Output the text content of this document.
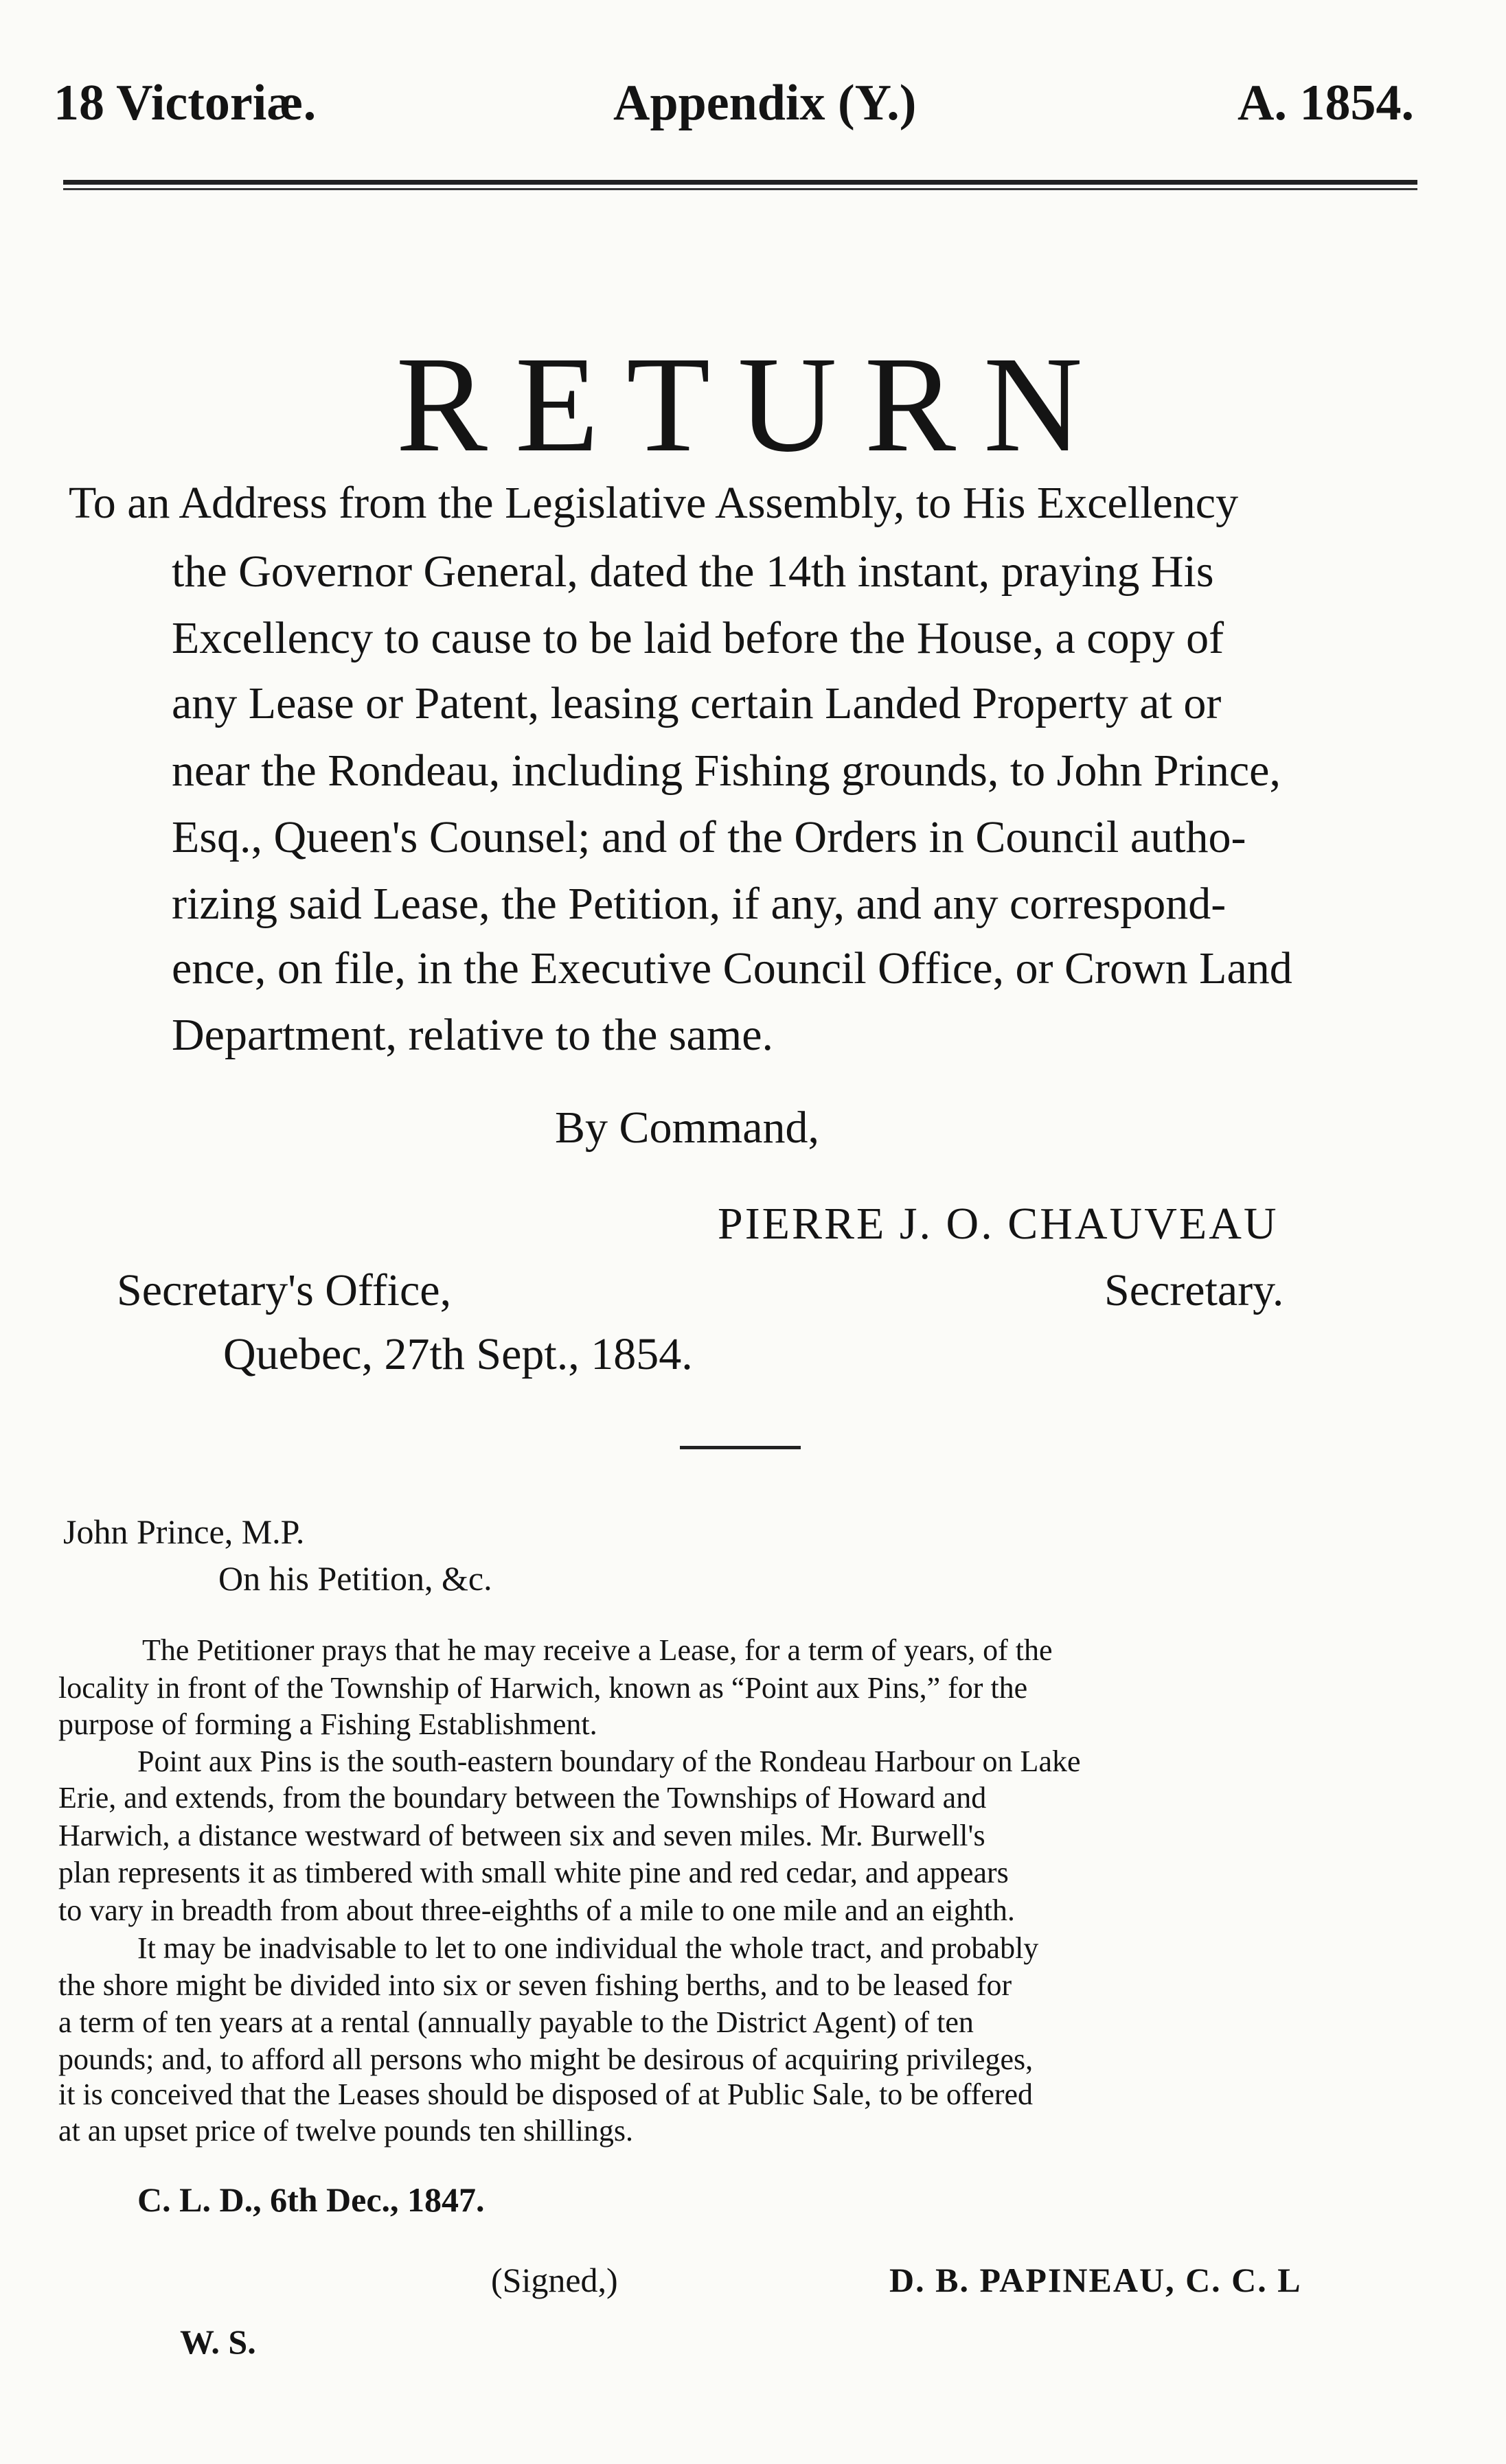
18 Victoriæ.	Appendix (Y.)	A. 1854.
RETURN
To an Address from the Legislative Assembly, to His Excellency
the Governor General, dated the 14th instant, praying His
Excellency to cause to be laid before the House, a copy of
any Lease or Patent, leasing certain Landed Property at or
near the Rondeau, including Fishing grounds, to John Prince,
Esq., Queen's Counsel; and of the Orders in Council autho-
rizing said Lease, the Petition, if any, and any correspond-
ence, on file, in the Executive Council Office, or Crown Land
Department, relative to the same.
By Command,
PIERRE J. O. CHAUVEAU
Secretary's Office,	Secretary.
Quebec, 27th Sept., 1854.
John Prince, M.P.
On his Petition, &c.
The Petitioner prays that he may receive a Lease, for a term of years, of the
locality in front of the Township of Harwich, known as “Point aux Pins,” for the
purpose of forming a Fishing Establishment.
Point aux Pins is the south-eastern boundary of the Rondeau Harbour on Lake
Erie, and extends, from the boundary between the Townships of Howard and
Harwich, a distance westward of between six and seven miles. Mr. Burwell's
plan represents it as timbered with small white pine and red cedar, and appears
to vary in breadth from about three-eighths of a mile to one mile and an eighth.
It may be inadvisable to let to one individual the whole tract, and probably
the shore might be divided into six or seven fishing berths, and to be leased for
a term of ten years at a rental (annually payable to the District Agent) of ten
pounds; and, to afford all persons who might be desirous of acquiring privileges,
it is conceived that the Leases should be disposed of at Public Sale, to be offered
at an upset price of twelve pounds ten shillings.
C. L. D., 6th Dec., 1847.
(Signed,)	D. B. PAPINEAU, C. C. L
W. S.
